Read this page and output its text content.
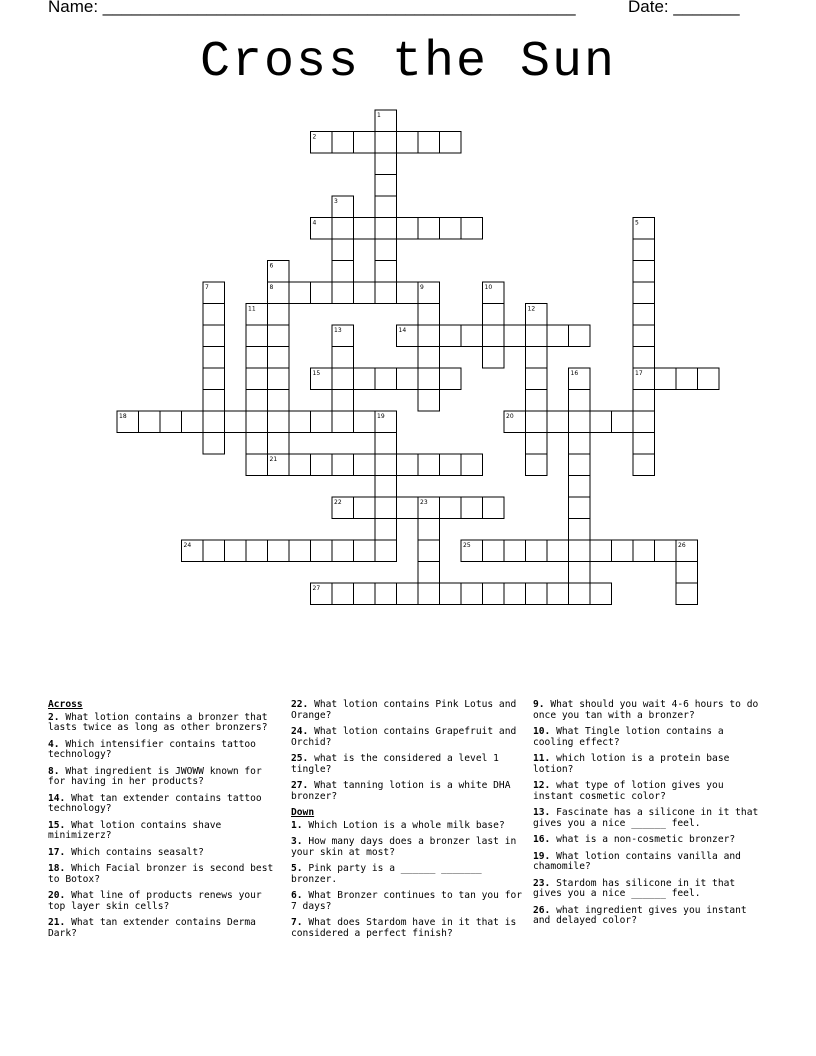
Name: __________________________________________________	Date: _______
Cross the Sun
1
2
3
4	5
6
7	8	9	10
11	12
13	14
15	16	17
18	19	20
21
22	23
24	25	26
27
Across
2. What lotion contains a bronzer that lasts twice as long as other bronzers?
4. Which intensifier contains tattoo technology?
8. What ingredient is JWOWW known for for having in her products?
14. What tan extender contains tattoo technology?
15. What lotion contains shave minimizerz?
17. Which contains seasalt?
18. Which Facial bronzer is second best to Botox?
20. What line of products renews your top layer skin cells?
21. What tan extender contains Derma Dark?
22. What lotion contains Pink Lotus and Orange?
24. What lotion contains Grapefruit and Orchid?
25. what is the considered a level 1 tingle?
27. What tanning lotion is a white DHA bronzer?
Down
1. Which Lotion is a whole milk base?
3. How many days does a bronzer last in your skin at most?
5. Pink party is a ______ _______ bronzer.
6. What Bronzer continues to tan you for 7 days?
7. What does Stardom have in it that is considered a perfect finish?
9. What should you wait 4-6 hours to do once you tan with a bronzer?
10. What Tingle lotion contains a cooling effect?
11. which lotion is a protein base lotion?
12. what type of lotion gives you instant cosmetic color?
13. Fascinate has a silicone in it that gives you a nice ______ feel.
16. what is a non-cosmetic bronzer?
19. What lotion contains vanilla and chamomile?
23. Stardom has silicone in it that gives you a nice ______ feel.
26. what ingredient gives you instant and delayed color?
